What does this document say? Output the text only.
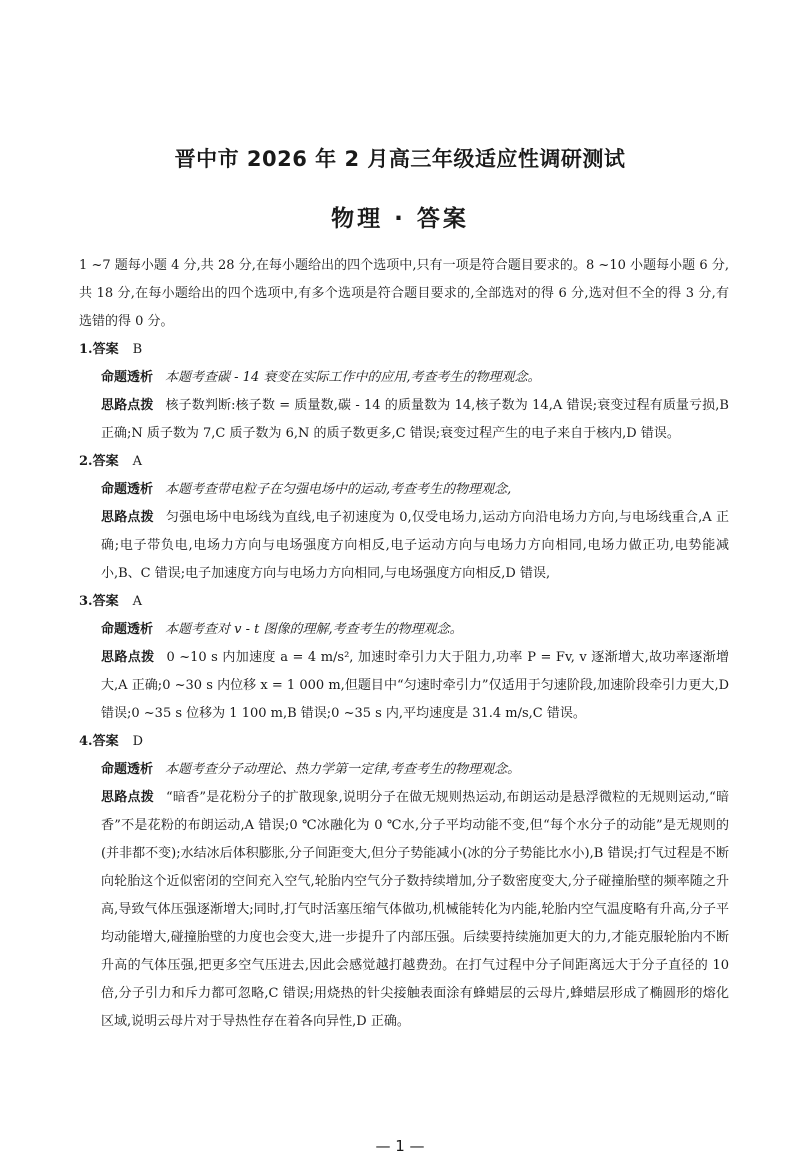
晋中市 2026 年 2 月高三年级适应性调研测试
物理 · 答案
1 ~7 题每小题 4 分,共 28 分,在每小题给出的四个选项中,只有一项是符合题目要求的。8 ~10 小题每小题 6 分,共 18 分,在每小题给出的四个选项中,有多个选项是符合题目要求的,全部选对的得 6 分,选对但不全的得 3 分,有选错的得 0 分。

1.答案 B

命题透析 本题考查碳 - 14 衰变在实际工作中的应用,考查考生的物理观念。

思路点拨 核子数判断:核子数 = 质量数,碳 - 14 的质量数为 14,核子数为 14,A 错误;衰变过程有质量亏损,B 正确;N 质子数为 7,C 质子数为 6,N 的质子数更多,C 错误;衰变过程产生的电子来自于核内,D 错误。

2.答案 A

命题透析 本题考查带电粒子在匀强电场中的运动,考查考生的物理观念,

思路点拨 匀强电场中电场线为直线,电子初速度为 0,仅受电场力,运动方向沿电场力方向,与电场线重合,A 正确;电子带负电,电场力方向与电场强度方向相反,电子运动方向与电场力方向相同,电场力做正功,电势能减小,B、C 错误;电子加速度方向与电场力方向相同,与电场强度方向相反,D 错误,

3.答案 A

命题透析 本题考查对 v - t 图像的理解,考查考生的物理观念。

思路点拨 0 ~10 s 内加速度 a = 4 m/s², 加速时牵引力大于阻力,功率 P = Fv, v 逐渐增大,故功率逐渐增大,A 正确;0 ~30 s 内位移 x = 1 000 m,但题目中“匀速时牵引力”仅适用于匀速阶段,加速阶段牵引力更大,D 错误;0 ~35 s 位移为 1 100 m,B 错误;0 ~35 s 内,平均速度是 31.4 m/s,C 错误。

4.答案 D

命题透析 本题考查分子动理论、热力学第一定律,考查考生的物理观念。

思路点拨 “暗香”是花粉分子的扩散现象,说明分子在做无规则热运动,布朗运动是悬浮微粒的无规则运动,“暗香”不是花粉的布朗运动,A 错误;0 ℃冰融化为 0 ℃水,分子平均动能不变,但“每个水分子的动能”是无规则的(并非都不变);水结冰后体积膨胀,分子间距变大,但分子势能减小(冰的分子势能比水小),B 错误;打气过程是不断向轮胎这个近似密闭的空间充入空气,轮胎内空气分子数持续增加,分子数密度变大,分子碰撞胎壁的频率随之升高,导致气体压强逐渐增大;同时,打气时活塞压缩气体做功,机械能转化为内能,轮胎内空气温度略有升高,分子平均动能增大,碰撞胎壁的力度也会变大,进一步提升了内部压强。后续要持续施加更大的力,才能克服轮胎内不断升高的气体压强,把更多空气压进去,因此会感觉越打越费劲。在打气过程中分子间距离远大于分子直径的 10 倍,分子引力和斥力都可忽略,C 错误;用烧热的针尖接触表面涂有蜂蜡层的云母片,蜂蜡层形成了椭圆形的熔化区域,说明云母片对于导热性存在着各向异性,D 正确。

— 1 —
